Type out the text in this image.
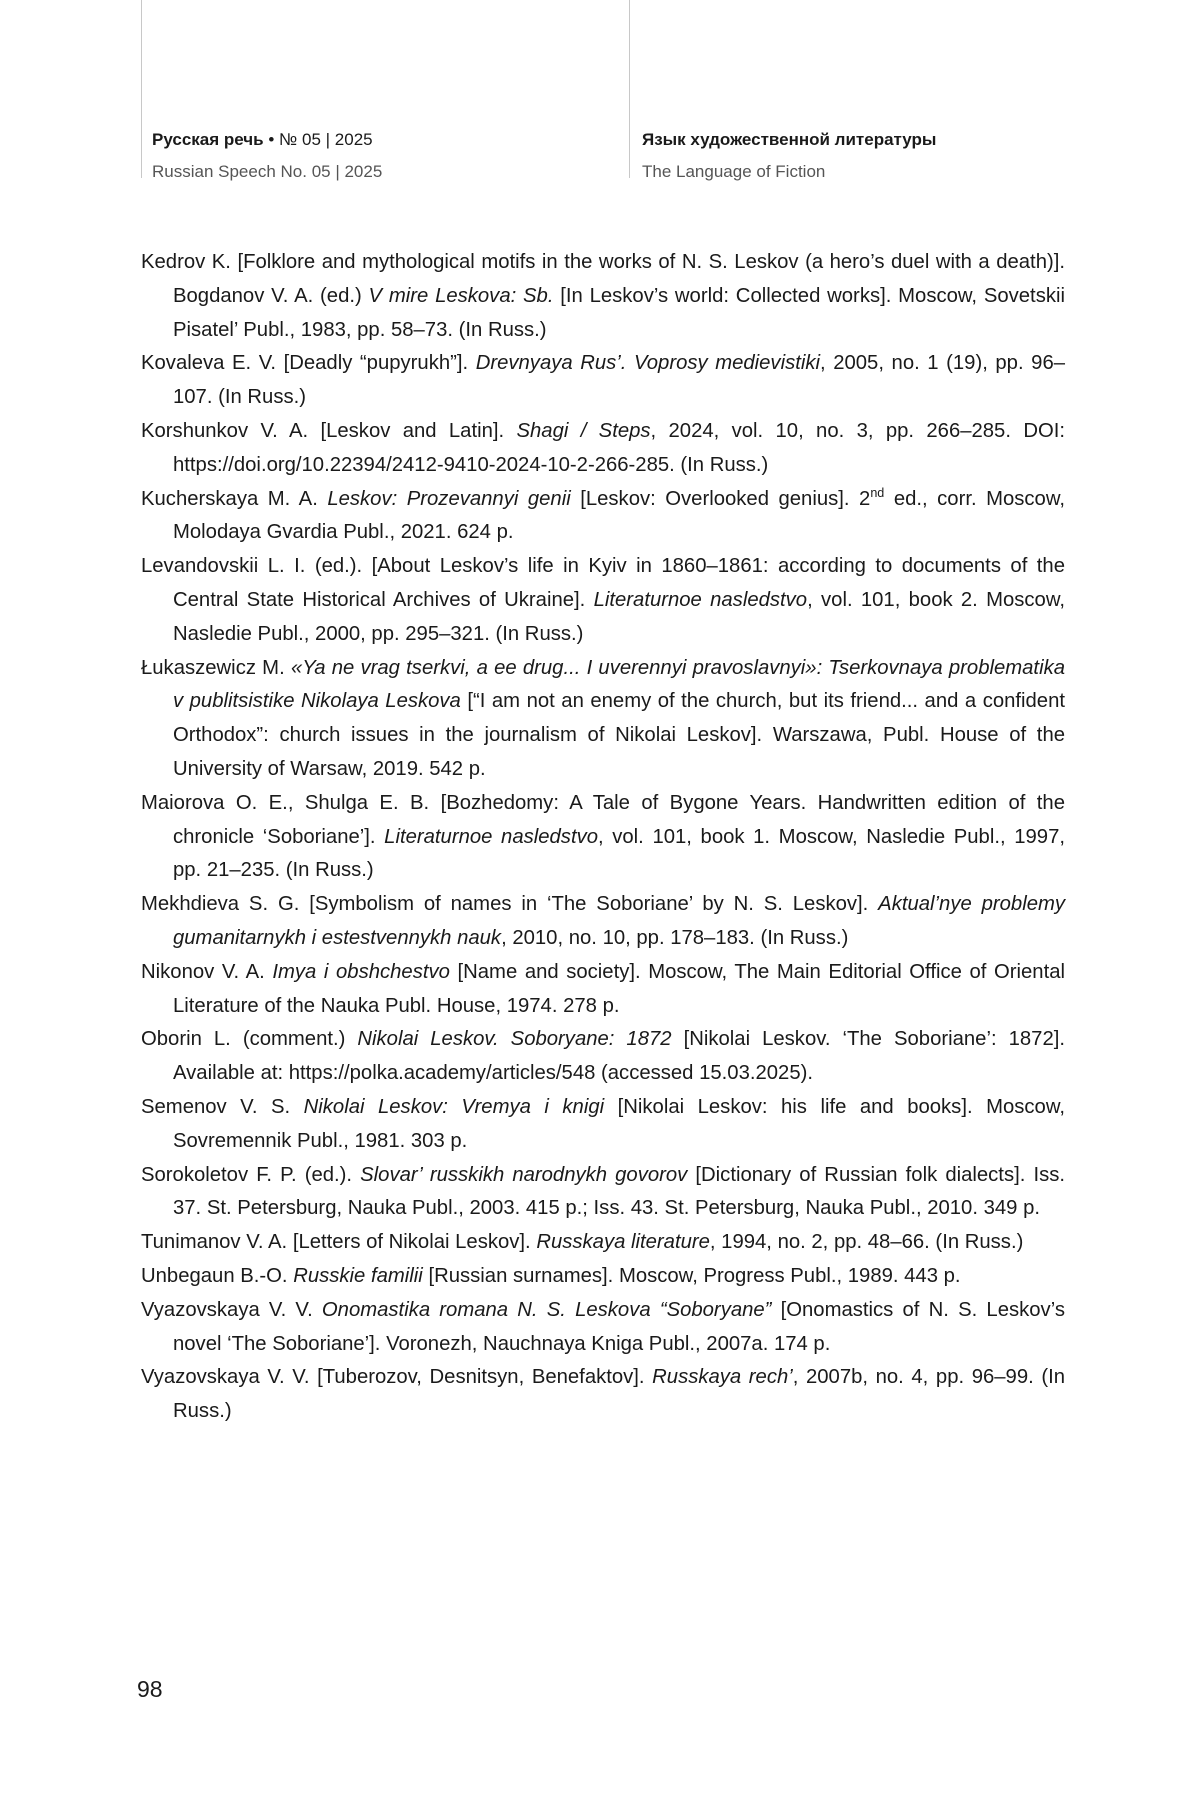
Русская речь • № 05 | 2025
Russian Speech No. 05 | 2025
Язык художественной литературы
The Language of Fiction

Kedrov K. [Folklore and mythological motifs in the works of N. S. Leskov (a hero’s duel with a death)]. Bogdanov V. A. (ed.) V mire Leskova: Sb. [In Leskov’s world: Collected works]. Moscow, Sovetskii Pisatel’ Publ., 1983, pp. 58–73. (In Russ.)

Kovaleva E. V. [Deadly “pupyrukh”]. Drevnyaya Rus’. Voprosy medievistiki, 2005, no. 1 (19), pp. 96–107. (In Russ.)

Korshunkov V. A. [Leskov and Latin]. Shagi / Steps, 2024, vol. 10, no. 3, pp. 266–285. DOI: https://doi.org/10.22394/2412-9410-2024-10-2-266-285. (In Russ.)

Kucherskaya M. A. Leskov: Prozevannyi genii [Leskov: Overlooked genius]. 2nd ed., corr. Moscow, Molodaya Gvardia Publ., 2021. 624 p.

Levandovskii L. I. (ed.). [About Leskov’s life in Kyiv in 1860–1861: according to documents of the Central State Historical Archives of Ukraine]. Literaturnoe nasledstvo, vol. 101, book 2. Moscow, Nasledie Publ., 2000, pp. 295–321. (In Russ.)

Łukaszewicz M. «Ya ne vrag tserkvi, a ee drug... I uverennyi pravoslavnyi»: Tserkovnaya problematika v publitsistike Nikolaya Leskova [“I am not an enemy of the church, but its friend... and a confident Orthodox”: church issues in the journalism of Nikolai Leskov]. Warszawa, Publ. House of the University of Warsaw, 2019. 542 p.

Maiorova O. E., Shulga E. B. [Bozhedomy: A Tale of Bygone Years. Handwritten edition of the chronicle ‘Soboriane’]. Literaturnoe nasledstvo, vol. 101, book 1. Moscow, Nasledie Publ., 1997, pp. 21–235. (In Russ.)

Mekhdieva S. G. [Symbolism of names in ‘The Soboriane’ by N. S. Leskov]. Aktual’nye problemy gumanitarnykh i estestvennykh nauk, 2010, no. 10, pp. 178–183. (In Russ.)

Nikonov V. A. Imya i obshchestvo [Name and society]. Moscow, The Main Editorial Office of Oriental Literature of the Nauka Publ. House, 1974. 278 p.

Oborin L. (comment.) Nikolai Leskov. Soboryane: 1872 [Nikolai Leskov. ‘The Soboriane’: 1872]. Available at: https://polka.academy/articles/548 (accessed 15.03.2025).

Semenov V. S. Nikolai Leskov: Vremya i knigi [Nikolai Leskov: his life and books]. Moscow, Sovremennik Publ., 1981. 303 p.

Sorokoletov F. P. (ed.). Slovar’ russkikh narodnykh govorov [Dictionary of Russian folk dialects]. Iss. 37. St. Petersburg, Nauka Publ., 2003. 415 p.; Iss. 43. St. Petersburg, Nauka Publ., 2010. 349 p.

Tunimanov V. A. [Letters of Nikolai Leskov]. Russkaya literature, 1994, no. 2, pp. 48–66. (In Russ.)

Unbegaun B.-O. Russkie familii [Russian surnames]. Moscow, Progress Publ., 1989. 443 p.

Vyazovskaya V. V. Onomastika romana N. S. Leskova “Soboryane” [Onomastics of N. S. Leskov’s novel ‘The Soboriane’]. Voronezh, Nauchnaya Kniga Publ., 2007a. 174 p.

Vyazovskaya V. V. [Tuberozov, Desnitsyn, Benefaktov]. Russkaya rech’, 2007b, no. 4, pp. 96–99. (In Russ.)

98
